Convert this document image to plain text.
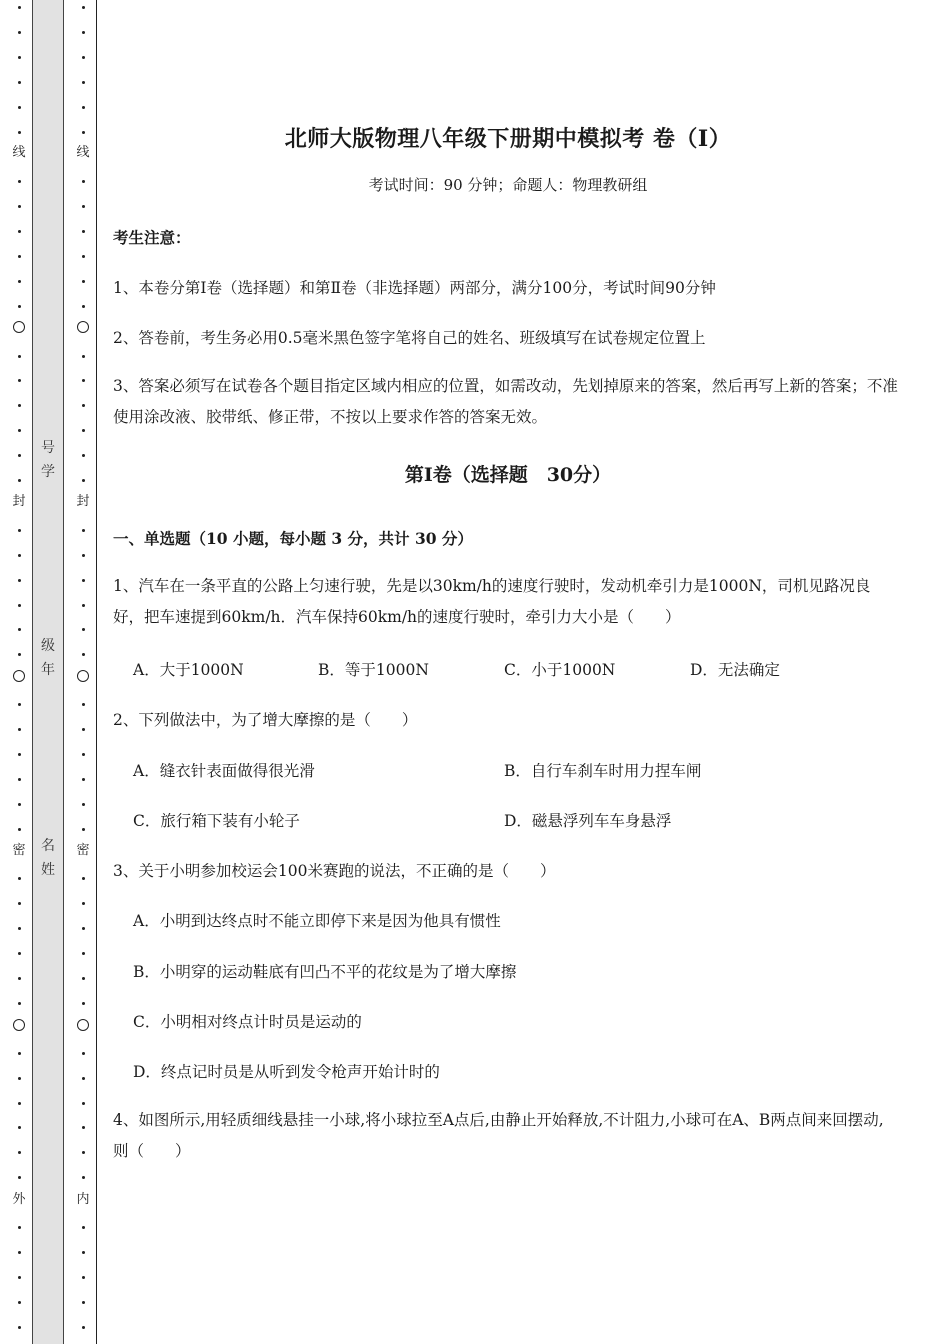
线
封
密
外
号学
级年
名姓
线
封
密
内
北师大版物理八年级下册期中模拟考 卷（Ⅰ）
考试时间：90 分钟；命题人：物理教研组
考生注意：
1、本卷分第Ⅰ卷（选择题）和第Ⅱ卷（非选择题）两部分，满分100分，考试时间90分钟
2、答卷前，考生务必用0.5毫米黑色签字笔将自己的姓名、班级填写在试卷规定位置上
3、答案必须写在试卷各个题目指定区域内相应的位置，如需改动，先划掉原来的答案，然后再写上新的答案；不准使用涂改液、胶带纸、修正带，不按以上要求作答的答案无效。
第Ⅰ卷（选择题　30分）
一、单选题（10 小题，每小题 3 分，共计 30 分）
1、汽车在一条平直的公路上匀速行驶，先是以30km/h的速度行驶时，发动机牵引力是1000N，司机见路况良好，把车速提到60km/h．汽车保持60km/h的速度行驶时，牵引力大小是（　　）
A．大于1000N	B．等于1000N	C．小于1000N	D．无法确定
2、下列做法中，为了增大摩擦的是（　　）
A．缝衣针表面做得很光滑	B．自行车刹车时用力捏车闸
C．旅行箱下装有小轮子	D．磁悬浮列车车身悬浮
3、关于小明参加校运会100米赛跑的说法，不正确的是（　　）
A．小明到达终点时不能立即停下来是因为他具有惯性
B．小明穿的运动鞋底有凹凸不平的花纹是为了增大摩擦
C．小明相对终点计时员是运动的
D．终点记时员是从听到发令枪声开始计时的
4、如图所示,用轻质细线悬挂一小球,将小球拉至A点后,由静止开始释放,不计阻力,小球可在A、B两点间来回摆动,则（　　）
